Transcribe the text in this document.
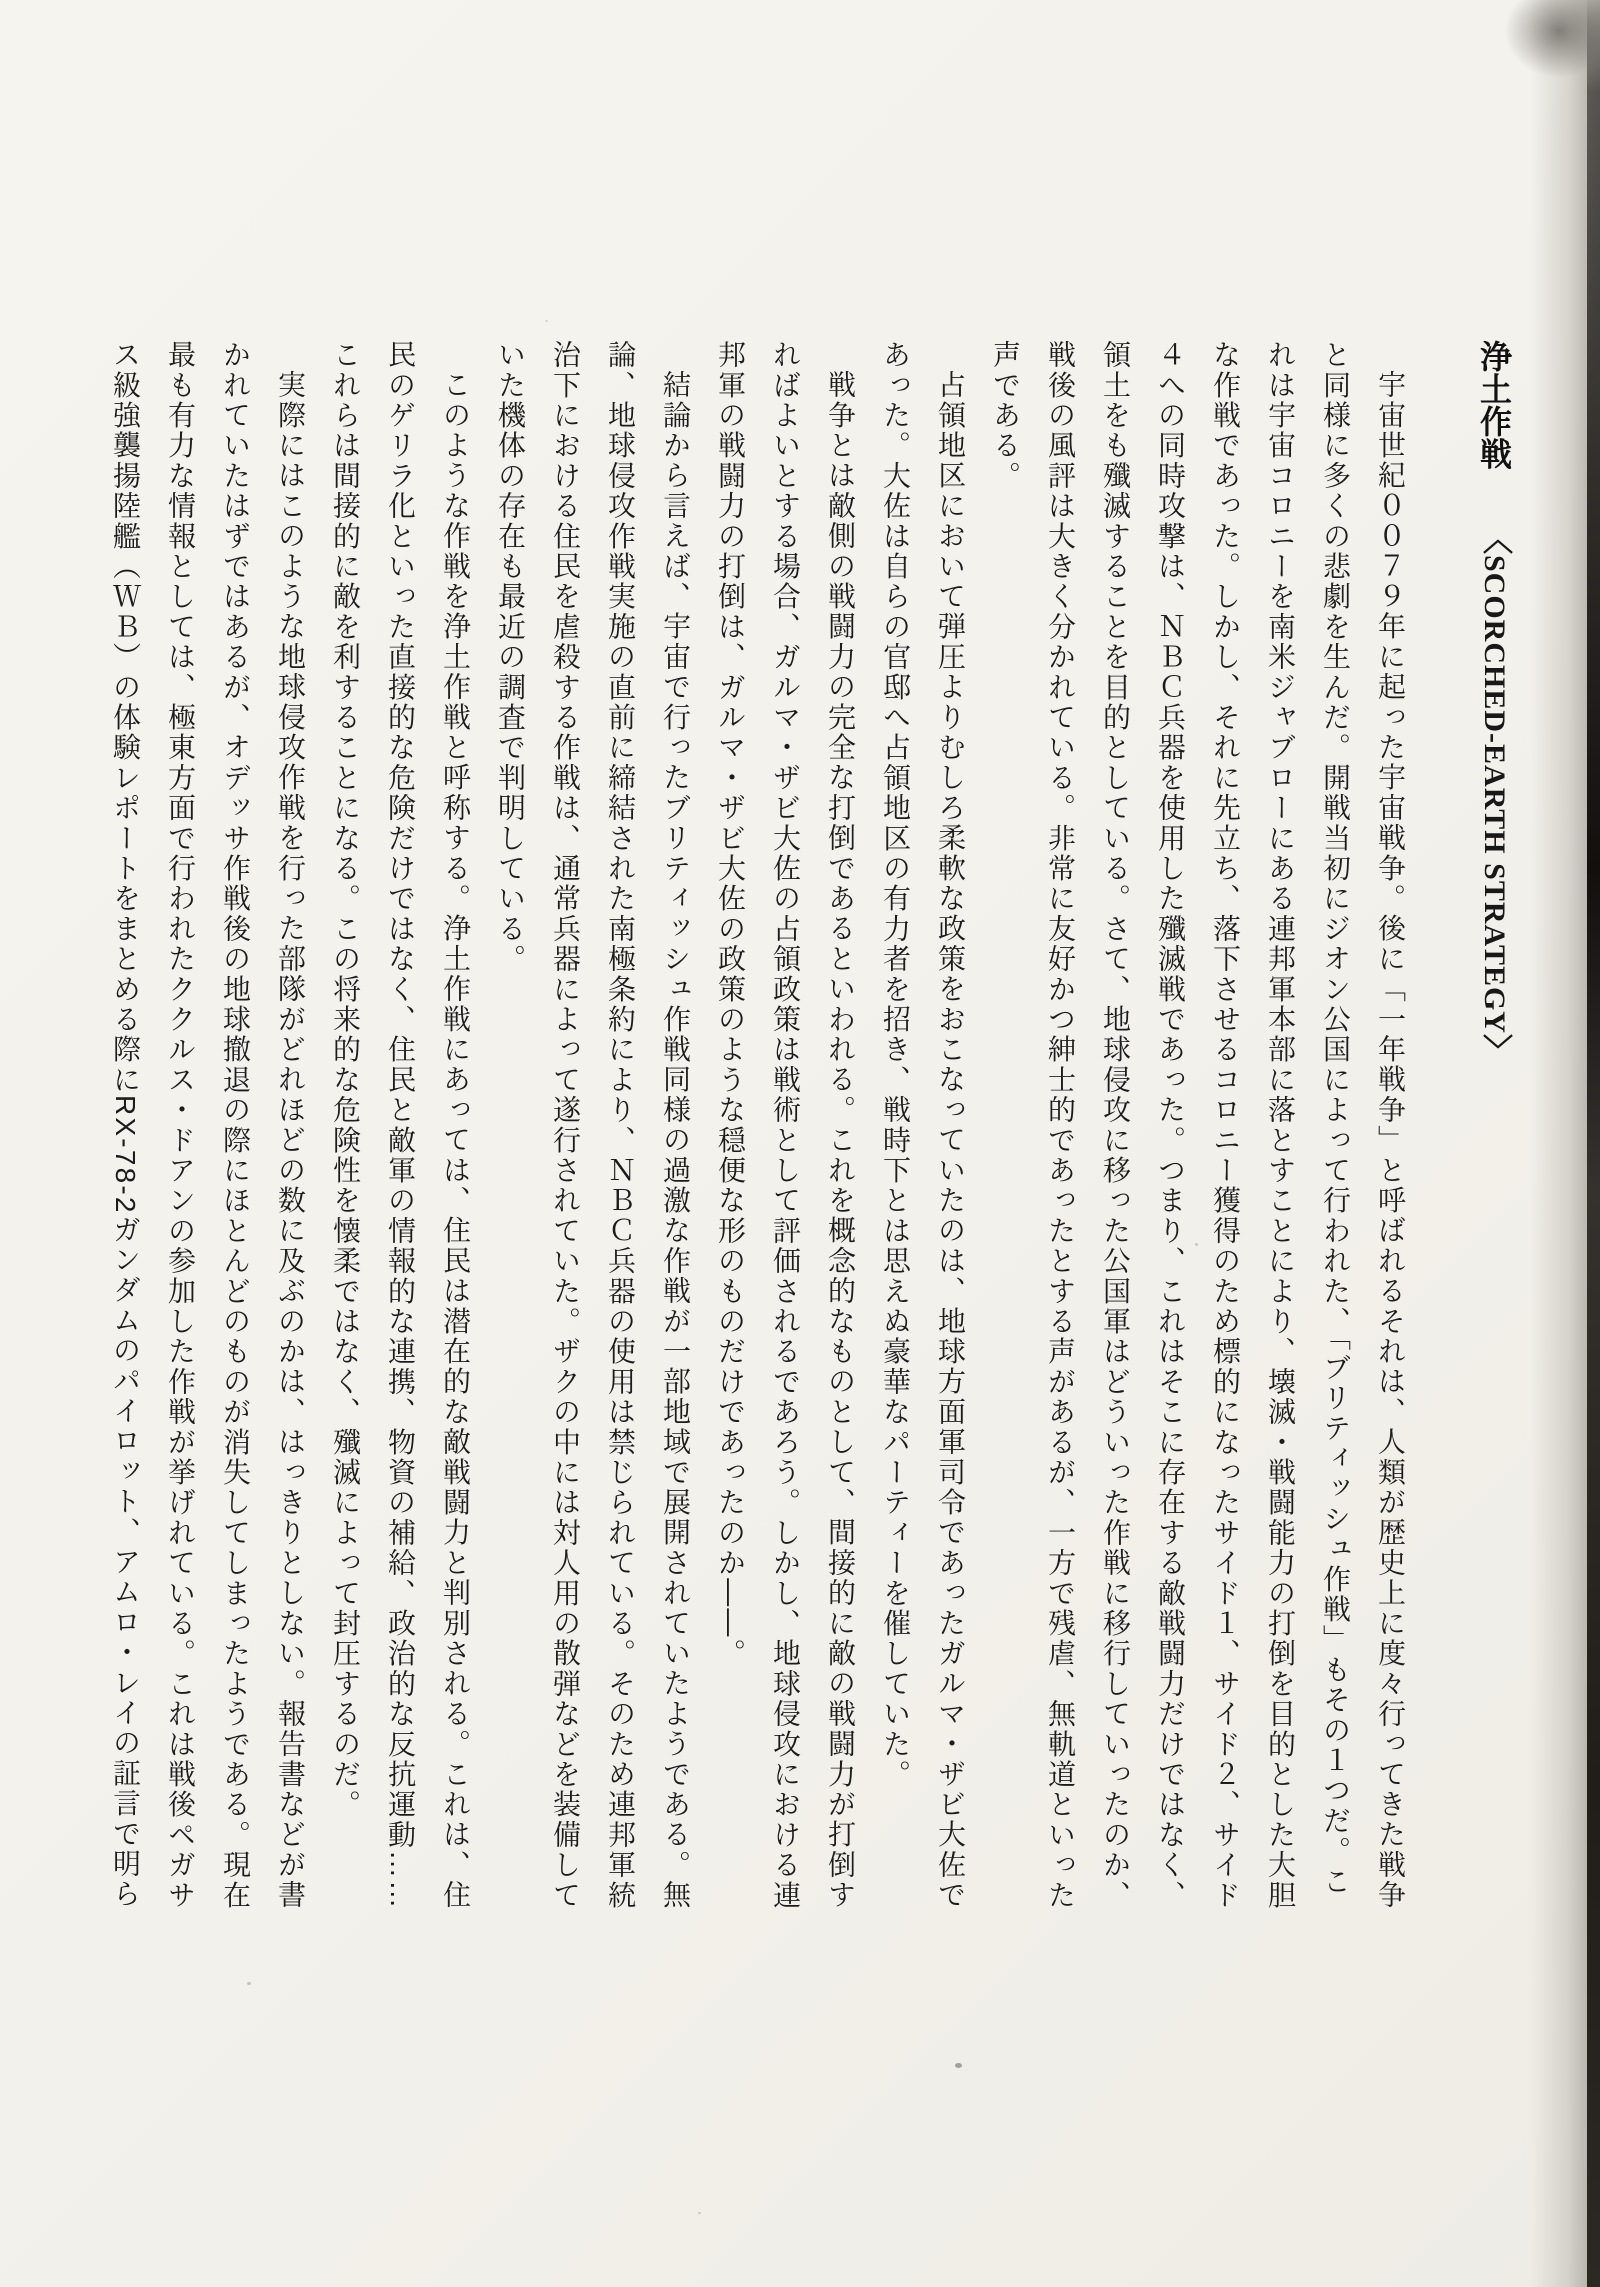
浄土作戦 〈SCORCHED-EARTH STRATEGY〉

宇宙世紀００７９年に起った宇宙戦争。後に「一年戦争」と呼ばれるそれは、人類が歴史上に度々行ってきた戦争と同様に多くの悲劇を生んだ。開戦当初にジオン公国によって行われた、「ブリティッシュ作戦」もその１つだ。これは宇宙コロニーを南米ジャブローにある連邦軍本部に落とすことにより、壊滅・戦闘能力の打倒を目的とした大胆な作戦であった。しかし、それに先立ち、落下させるコロニー獲得のため標的になったサイド１、サイド２、サイド４への同時攻撃は、ＮＢＣ兵器を使用した殲滅戦であった。つまり、これはそこに存在する敵戦闘力だけではなく、領土をも殲滅することを目的としている。さて、地球侵攻に移った公国軍はどういった作戦に移行していったのか、戦後の風評は大きく分かれている。非常に友好かつ紳士的であったとする声があるが、一方で残虐、無軌道といった声である。

占領地区において弾圧よりむしろ柔軟な政策をおこなっていたのは、地球方面軍司令であったガルマ・ザビ大佐であった。大佐は自らの官邸へ占領地区の有力者を招き、戦時下とは思えぬ豪華なパーティーを催していた。

戦争とは敵側の戦闘力の完全な打倒であるといわれる。これを概念的なものとして、間接的に敵の戦闘力が打倒すればよいとする場合、ガルマ・ザビ大佐の占領政策は戦術として評価されるであろう。しかし、地球侵攻における連邦軍の戦闘力の打倒は、ガルマ・ザビ大佐の政策のような穏便な形のものだけであったのか――。

結論から言えば、宇宙で行ったブリティッシュ作戦同様の過激な作戦が一部地域で展開されていたようである。無論、地球侵攻作戦実施の直前に締結された南極条約により、ＮＢＣ兵器の使用は禁じられている。そのため連邦軍統治下における住民を虐殺する作戦は、通常兵器によって遂行されていた。ザクの中には対人用の散弾などを装備していた機体の存在も最近の調査で判明している。

このような作戦を浄土作戦と呼称する。浄土作戦にあっては、住民は潜在的な敵戦闘力と判別される。これは、住民のゲリラ化といった直接的な危険だけではなく、住民と敵軍の情報的な連携、物資の補給、政治的な反抗運動……これらは間接的に敵を利することになる。この将来的な危険性を懐柔ではなく、殲滅によって封圧するのだ。

実際にはこのような地球侵攻作戦を行った部隊がどれほどの数に及ぶのかは、はっきりとしない。報告書などが書かれていたはずではあるが、オデッサ作戦後の地球撤退の際にほとんどのものが消失してしまったようである。現在最も有力な情報としては、極東方面で行われたククルス・ドアンの参加した作戦が挙げれている。これは戦後ペガサス級強襲揚陸艦（ＷＢ）の体験レポートをまとめる際にRX-78-2ガンダムのパイロット、アムロ・レイの証言で明ら
